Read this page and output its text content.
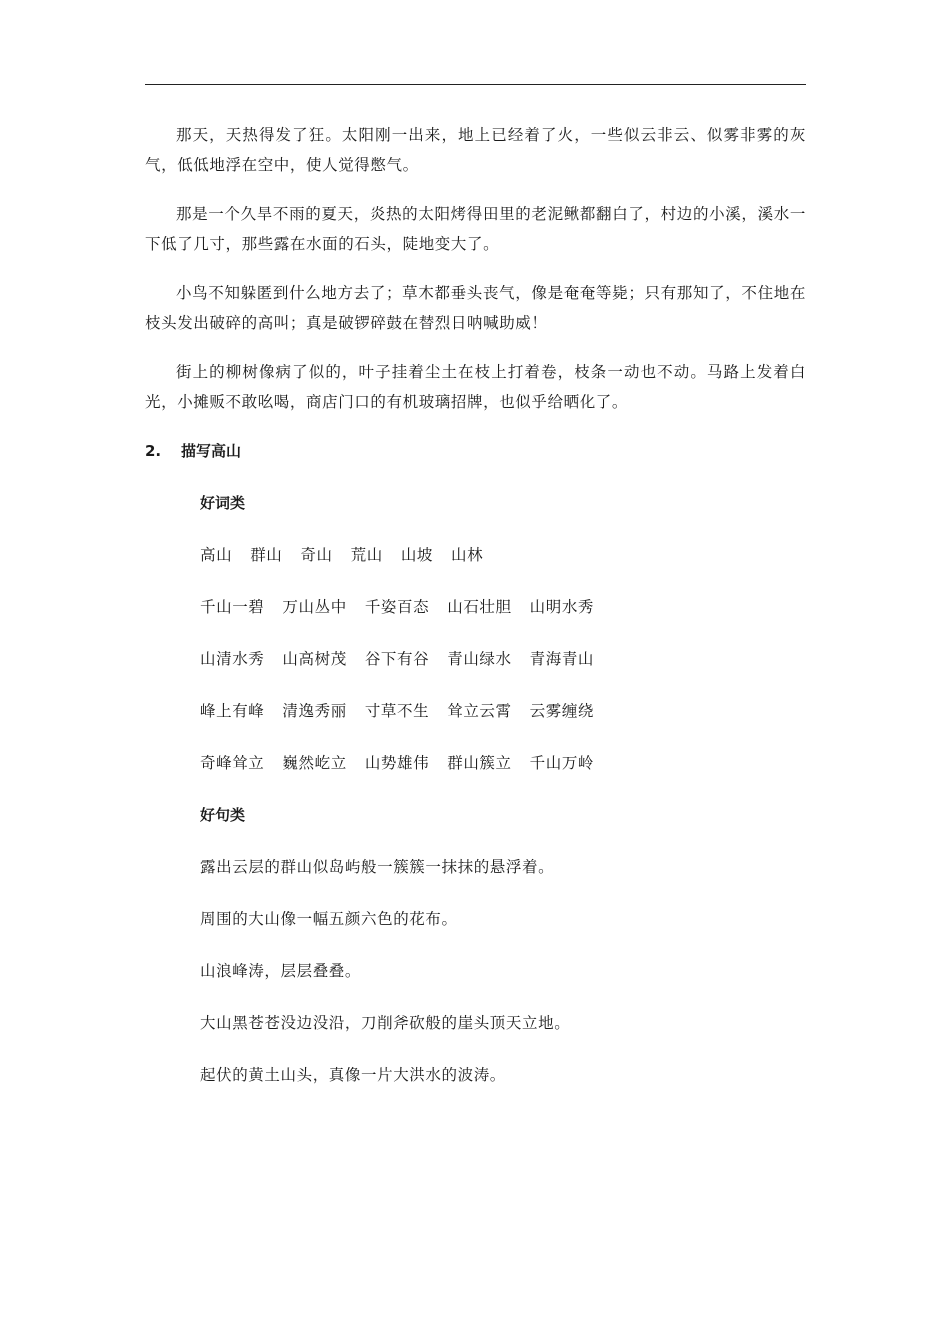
那天，天热得发了狂。太阳刚一出来，地上已经着了火，一些似云非云、似雾非雾的灰气，低低地浮在空中，使人觉得憋气。

那是一个久旱不雨的夏天，炎热的太阳烤得田里的老泥鳅都翻白了，村边的小溪，溪水一下低了几寸，那些露在水面的石头，陡地变大了。

小鸟不知躲匿到什么地方去了；草木都垂头丧气，像是奄奄等毙；只有那知了，不住地在枝头发出破碎的高叫；真是破锣碎鼓在替烈日呐喊助威！

街上的柳树像病了似的，叶子挂着尘土在枝上打着卷，枝条一动也不动。马路上发着白光，小摊贩不敢吆喝，商店门口的有机玻璃招牌，也似乎给晒化了。

2. 描写高山
好词类
高山 群山 奇山 荒山 山坡 山林
千山一碧 万山丛中 千姿百态 山石壮胆 山明水秀
山清水秀 山高树茂 谷下有谷 青山绿水 青海青山
峰上有峰 清逸秀丽 寸草不生 耸立云霄 云雾缠绕
奇峰耸立 巍然屹立 山势雄伟 群山簇立 千山万岭
好句类
露出云层的群山似岛屿般一簇簇一抹抹的悬浮着。
周围的大山像一幅五颜六色的花布。
山浪峰涛，层层叠叠。
大山黑苍苍没边没沿，刀削斧砍般的崖头顶天立地。
起伏的黄土山头，真像一片大洪水的波涛。
